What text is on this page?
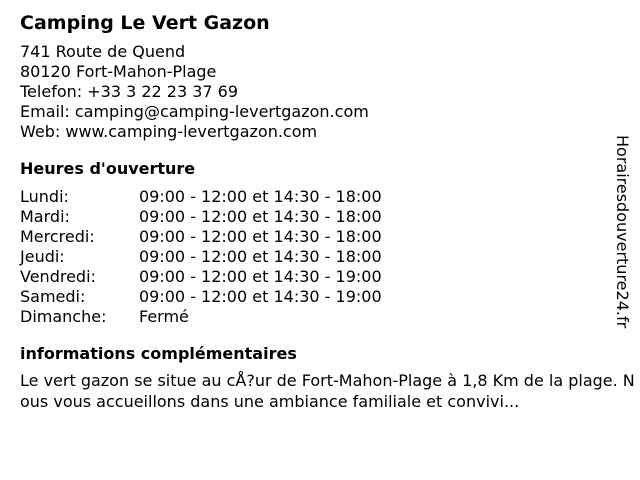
Camping Le Vert Gazon
741 Route de Quend
80120 Fort-Mahon-Plage
Telefon: +33 3 22 23 37 69
Email: camping@camping-levertgazon.com
Web: www.camping-levertgazon.com
Heures d'ouverture
Lundi:	09:00 - 12:00 et 14:30 - 18:00
Mardi:	09:00 - 12:00 et 14:30 - 18:00
Mercredi:	09:00 - 12:00 et 14:30 - 18:00
Jeudi:	09:00 - 12:00 et 14:30 - 18:00
Vendredi:	09:00 - 12:00 et 14:30 - 19:00
Samedi:	09:00 - 12:00 et 14:30 - 19:00
Dimanche:	Fermé
informations complémentaires
Le vert gazon se situe au cÅ?ur de Fort-Mahon-Plage à 1,8 Km de la plage. Nous vous accueillons dans une ambiance familiale et convivi...
Horairesdouverture24.fr
